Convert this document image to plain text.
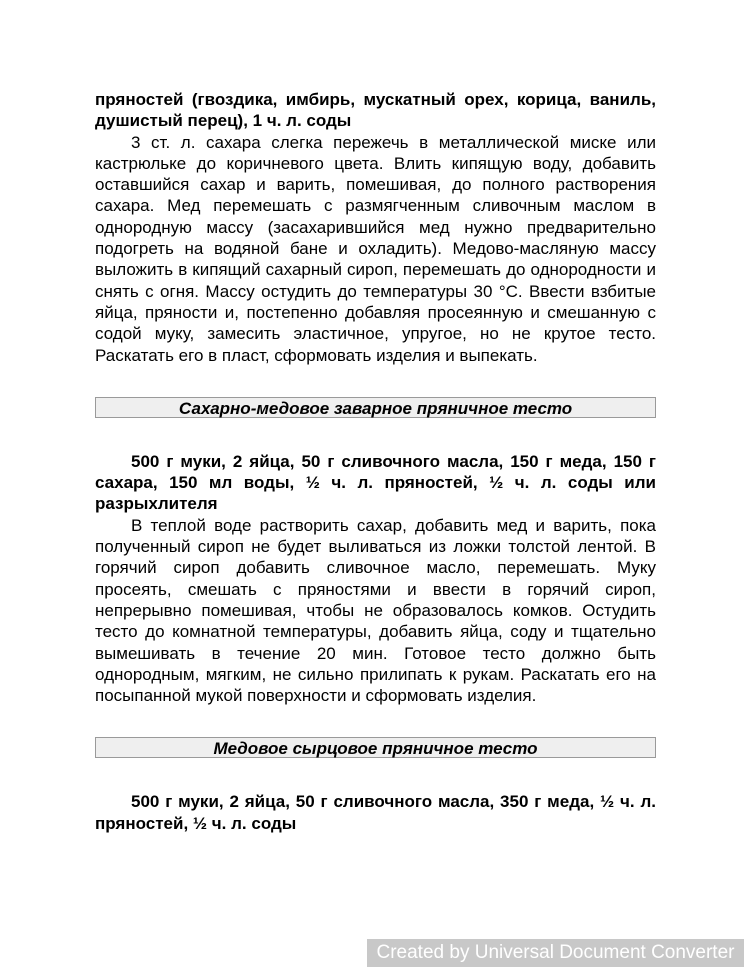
пряностей (гвоздика, имбирь, мускатный орех, корица, ваниль, душистый перец), 1 ч. л. соды

3 ст. л. сахара слегка пережечь в металлической миске или кастрюльке до коричневого цвета. Влить кипящую воду, добавить оставшийся сахар и варить, помешивая, до полного растворения сахара. Мед перемешать с размягченным сливочным маслом в однородную массу (засахарившийся мед нужно предварительно подогреть на водяной бане и охладить). Медово-масляную массу выложить в кипящий сахарный сироп, перемешать до однородности и снять с огня. Массу остудить до температуры 30 °С. Ввести взбитые яйца, пряности и, постепенно добавляя просеянную и смешанную с содой муку, замесить эластичное, упругое, но не крутое тесто. Раскатать его в пласт, сформовать изделия и выпекать.

Сахарно-медовое заварное пряничное тесто

500 г муки, 2 яйца, 50 г сливочного масла, 150 г меда, 150 г сахара, 150 мл воды, ½ ч. л. пряностей, ½ ч. л. соды или разрыхлителя

В теплой воде растворить сахар, добавить мед и варить, пока полученный сироп не будет выливаться из ложки толстой лентой. В горячий сироп добавить сливочное масло, перемешать. Муку просеять, смешать с пряностями и ввести в горячий сироп, непрерывно помешивая, чтобы не образовалось комков. Остудить тесто до комнатной температуры, добавить яйца, соду и тщательно вымешивать в течение 20 мин. Готовое тесто должно быть однородным, мягким, не сильно прилипать к рукам. Раскатать его на посыпанной мукой поверхности и сформовать изделия.

Медовое сырцовое пряничное тесто

500 г муки, 2 яйца, 50 г сливочного масла, 350 г меда, ½ ч. л. пряностей, ½ ч. л. соды

Created by Universal Document Converter
